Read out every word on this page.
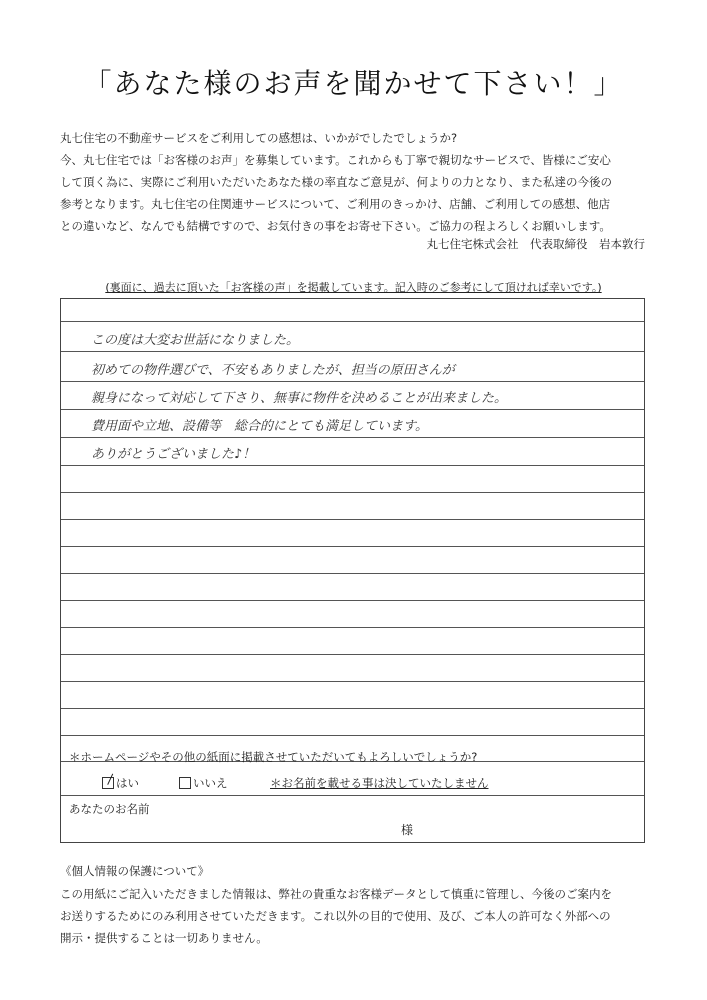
「あなた様のお声を聞かせて下さい！」

丸七住宅の不動産サービスをご利用しての感想は、いかがでしたでしょうか?

今、丸七住宅では「お客様のお声」を募集しています。これからも丁寧で親切なサービスで、皆様にご安心

して頂く為に、実際にご利用いただいたあなた様の率直なご意見が、何よりの力となり、また私達の今後の

参考となります。丸七住宅の住関連サービスについて、ご利用のきっかけ、店舗、ご利用しての感想、他店

との違いなど、なんでも結構ですので、お気付きの事をお寄せ下さい。ご協力の程よろしくお願いします。

丸七住宅株式会社　代表取締役　岩本敦行
(裏面に、過去に頂いた「お客様の声」を掲載しています。記入時のご参考にして頂ければ幸いです。)
この度は大変お世話になりました。
初めての物件選びで、不安もありましたが、担当の原田さんが
親身になって対応して下さり、無事に物件を決めることが出来ました。
費用面や立地、設備等　総合的にとても満足しています。
ありがとうございました♪！
＊ホームページやその他の紙面に掲載させていただいてもよろしいでしょうか?
はい	いいえ	＊お名前を載せる事は決していたしません
あなたのお名前
様
《個人情報の保護について》

この用紙にご記入いただきました情報は、弊社の貴重なお客様データとして慎重に管理し、今後のご案内を

お送りするためにのみ利用させていただきます。これ以外の目的で使用、及び、ご本人の許可なく外部への

開示・提供することは一切ありません。
